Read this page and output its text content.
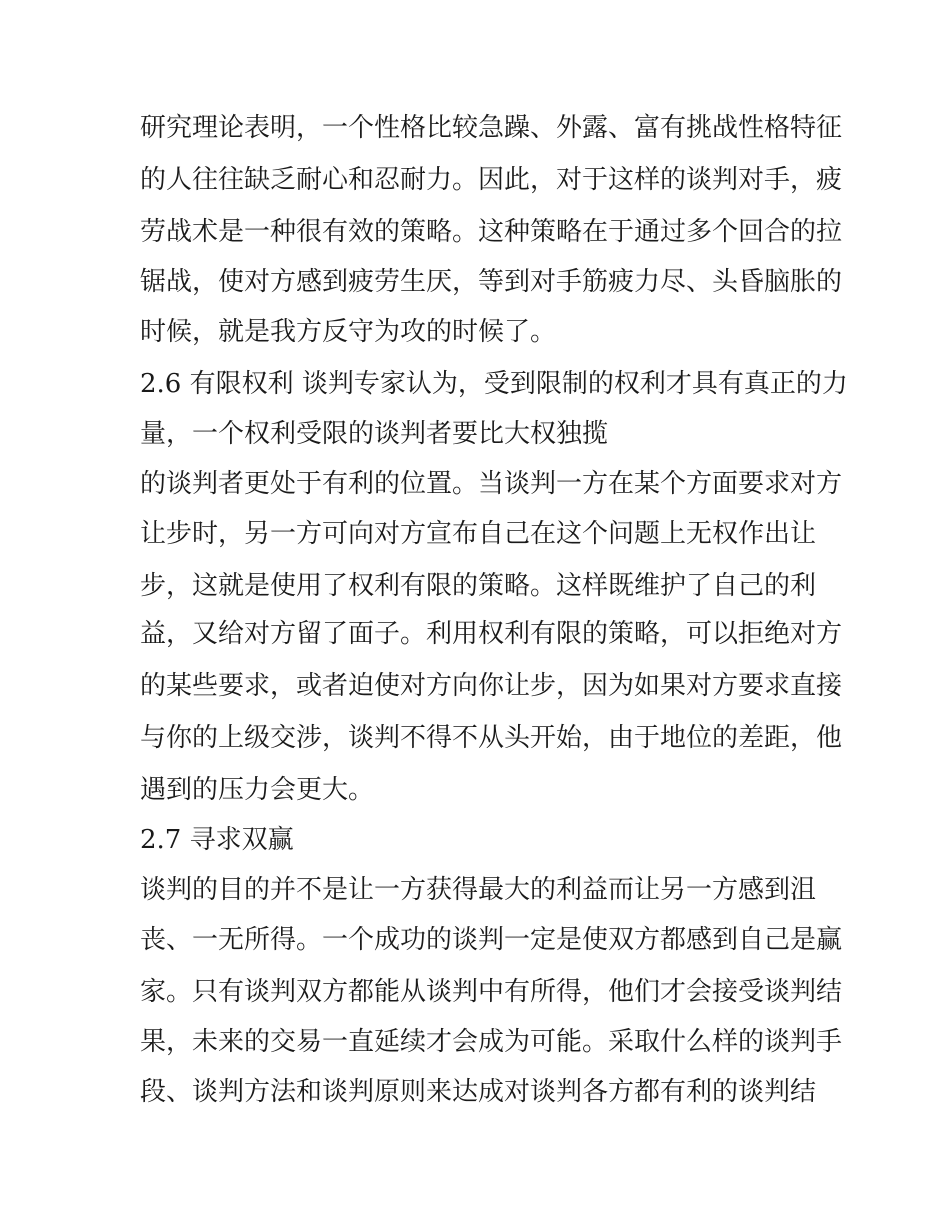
研究理论表明，一个性格比较急躁、外露、富有挑战性格特征
的人往往缺乏耐心和忍耐力。因此，对于这样的谈判对手，疲
劳战术是一种很有效的策略。这种策略在于通过多个回合的拉
锯战，使对方感到疲劳生厌，等到对手筋疲力尽、头昏脑胀的
时候，就是我方反守为攻的时候了。
2.6 有限权利 谈判专家认为，受到限制的权利才具有真正的力
量，一个权利受限的谈判者要比大权独揽
的谈判者更处于有利的位置。当谈判一方在某个方面要求对方
让步时，另一方可向对方宣布自己在这个问题上无权作出让
步，这就是使用了权利有限的策略。这样既维护了自己的利
益，又给对方留了面子。利用权利有限的策略，可以拒绝对方
的某些要求，或者迫使对方向你让步，因为如果对方要求直接
与你的上级交涉，谈判不得不从头开始，由于地位的差距，他
遇到的压力会更大。
2.7 寻求双赢
谈判的目的并不是让一方获得最大的利益而让另一方感到沮
丧、一无所得。一个成功的谈判一定是使双方都感到自己是赢
家。只有谈判双方都能从谈判中有所得，他们才会接受谈判结
果，未来的交易一直延续才会成为可能。采取什么样的谈判手
段、谈判方法和谈判原则来达成对谈判各方都有利的谈判结
